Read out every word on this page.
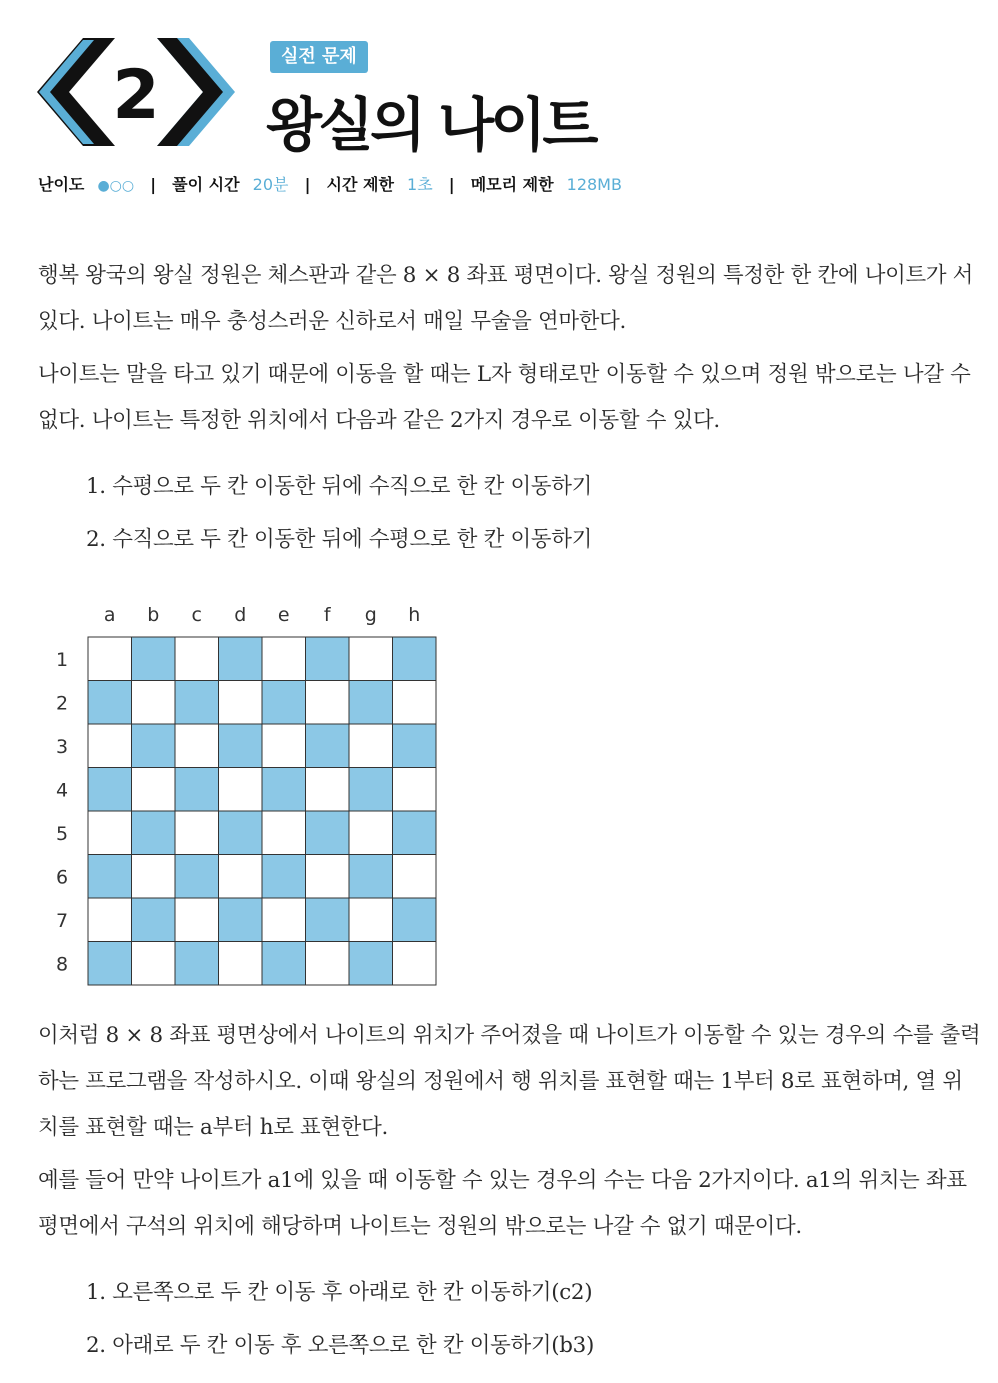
2	실전 문제
왕실의 나이트
난이도 ●○○ | 풀이 시간 20분 | 시간 제한 1초 | 메모리 제한 128MB
행복 왕국의 왕실 정원은 체스판과 같은 8 × 8 좌표 평면이다. 왕실 정원의 특정한 한 칸에 나이트가 서 있다. 나이트는 매우 충성스러운 신하로서 매일 무술을 연마한다.
나이트는 말을 타고 있기 때문에 이동을 할 때는 L자 형태로만 이동할 수 있으며 정원 밖으로는 나갈 수 없다. 나이트는 특정한 위치에서 다음과 같은 2가지 경우로 이동할 수 있다.
1. 수평으로 두 칸 이동한 뒤에 수직으로 한 칸 이동하기
2. 수직으로 두 칸 이동한 뒤에 수평으로 한 칸 이동하기
a b c d e f g h
1
2
3
4
5
6
7
8
이처럼 8 × 8 좌표 평면상에서 나이트의 위치가 주어졌을 때 나이트가 이동할 수 있는 경우의 수를 출력하는 프로그램을 작성하시오. 이때 왕실의 정원에서 행 위치를 표현할 때는 1부터 8로 표현하며, 열 위치를 표현할 때는 a부터 h로 표현한다.
예를 들어 만약 나이트가 a1에 있을 때 이동할 수 있는 경우의 수는 다음 2가지이다. a1의 위치는 좌표 평면에서 구석의 위치에 해당하며 나이트는 정원의 밖으로는 나갈 수 없기 때문이다.
1. 오른쪽으로 두 칸 이동 후 아래로 한 칸 이동하기(c2)
2. 아래로 두 칸 이동 후 오른쪽으로 한 칸 이동하기(b3)
